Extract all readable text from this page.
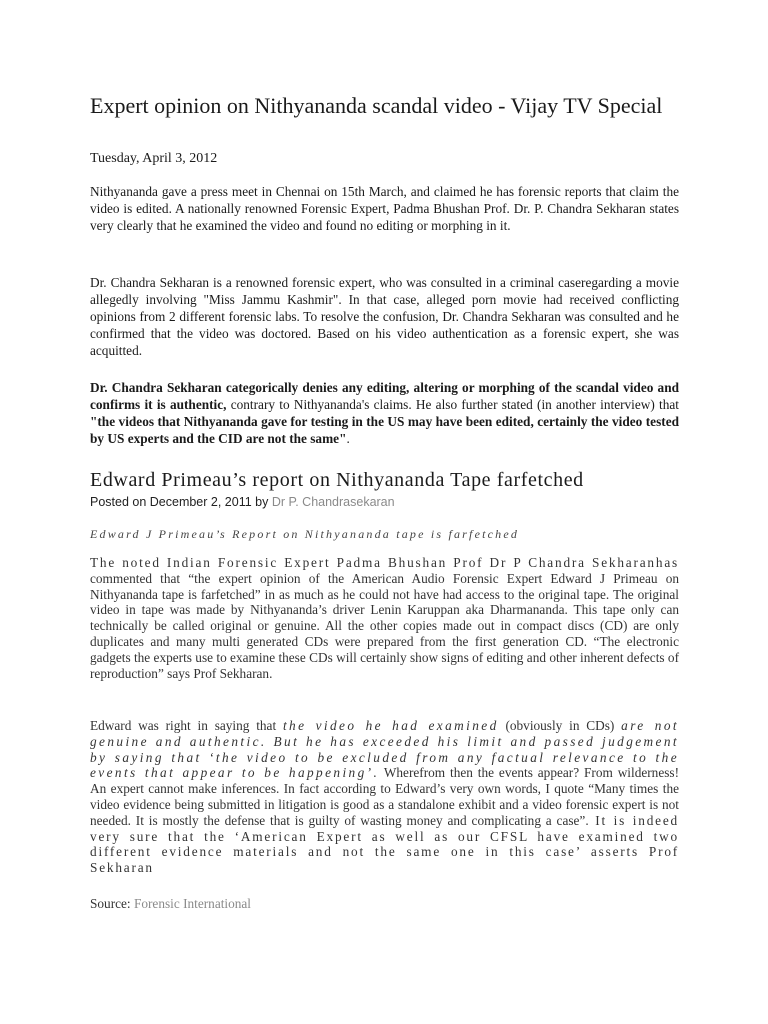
Expert opinion on Nithyananda scandal video - Vijay TV Special
Tuesday, April 3, 2012

Nithyananda gave a press meet in Chennai on 15th March, and claimed he has forensic reports that claim the video is edited. A nationally renowned Forensic Expert, Padma Bhushan Prof. Dr. P. Chandra Sekharan states very clearly that he examined the video and found no editing or morphing in it.

Dr. Chandra Sekharan is a renowned forensic expert, who was consulted in a criminal caseregarding a movie allegedly involving "Miss Jammu Kashmir". In that case, alleged porn movie had received conflicting opinions from 2 different forensic labs. To resolve the confusion, Dr. Chandra Sekharan was consulted and he confirmed that the video was doctored. Based on his video authentication as a forensic expert, she was acquitted.

Dr. Chandra Sekharan categorically denies any editing, altering or morphing of the scandal video and confirms it is authentic, contrary to Nithyananda's claims. He also further stated (in another interview) that "the videos that Nithyananda gave for testing in the US may have been edited, certainly the video tested by US experts and the CID are not the same".

Edward Primeau’s report on Nithyananda Tape farfetched
Posted on December 2, 2011 by Dr P. Chandrasekaran
Edward J Primeau’s Report on Nithyananda tape is farfetched

The noted Indian Forensic Expert Padma Bhushan Prof Dr P Chandra Sekharanhas commented that “the expert opinion of the American Audio Forensic Expert Edward J Primeau on Nithyananda tape is farfetched” in as much as he could not have had access to the original tape. The original video in tape was made by Nithyananda’s driver Lenin Karuppan aka Dharmananda. This tape only can technically be called original or genuine. All the other copies made out in compact discs (CD) are only duplicates and many multi generated CDs were prepared from the first generation CD. “The electronic gadgets the experts use to examine these CDs will certainly show signs of editing and other inherent defects of reproduction” says Prof Sekharan.

Edward was right in saying that the video he had examined (obviously in CDs) are not genuine and authentic. But he has exceeded his limit and passed judgement by saying that ‘the video to be excluded from any factual relevance to the events that appear to be happening’. Wherefrom then the events appear? From wilderness! An expert cannot make inferences. In fact according to Edward’s very own words, I quote “Many times the video evidence being submitted in litigation is good as a standalone exhibit and a video forensic expert is not needed. It is mostly the defense that is guilty of wasting money and complicating a case”. It is indeed very sure that the ‘American Expert as well as our CFSL have examined two different evidence materials and not the same one in this case’ asserts Prof Sekharan

Source: Forensic International
